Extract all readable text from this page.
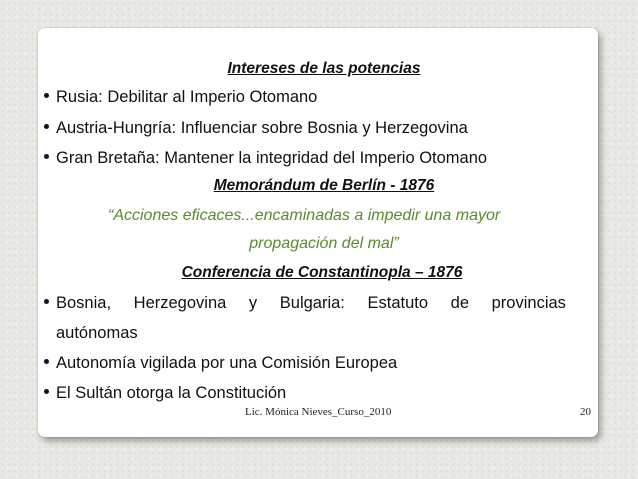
Intereses de las potencias
Rusia: Debilitar al Imperio Otomano
Austria-Hungría: Influenciar sobre Bosnia y Herzegovina
Gran Bretaña: Mantener la integridad del Imperio Otomano
Memorándum de Berlín - 1876
“Acciones eficaces...encaminadas a impedir una mayor
propagación del mal”
Conferencia de Constantinopla – 1876
Bosnia, Herzegovina y Bulgaria: Estatuto de provincias
autónomas
Autonomía vigilada por una Comisión Europea
El Sultán otorga la Constitución
Lic. Mónica Nieves_Curso_2010	20
